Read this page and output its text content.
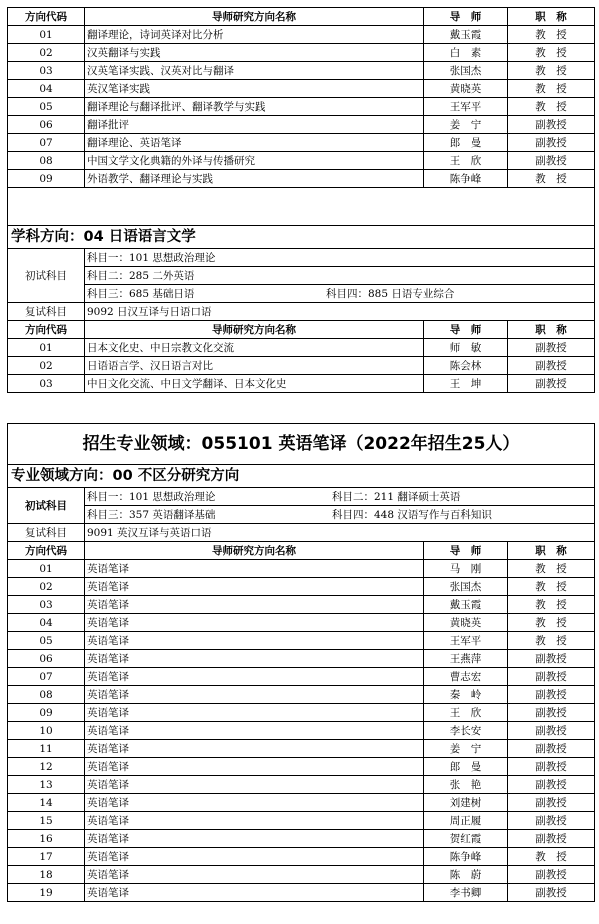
方向代码	导师研究方向名称	导　师	职　称
01	翻译理论，诗词英译对比分析	戴玉霞	教　授
02	汉英翻译与实践	白　素	教　授
03	汉英笔译实践、汉英对比与翻译	张国杰	教　授
04	英汉笔译实践	黄晓英	教　授
05	翻译理论与翻译批评、翻译教学与实践	王军平	教　授
06	翻译批评	姜　宁	副教授
07	翻译理论、英语笔译	郎　曼	副教授
08	中国文学文化典籍的外译与传播研究	王　欣	副教授
09	外语教学、翻译理论与实践	陈争峰	教　授

学科方向：04 日语语言文学			
初试科目	科目一：101 思想政治理论		
	科目二：285 二外英语		
	科目三：685 基础日语 科目四：885 日语专业综合		

复试科目	9092 日汉互译与日语口语		
方向代码	导师研究方向名称	导　师	职　称
01	日本文化史、中日宗教文化交流	师　敏	副教授
02	日语语言学、汉日语言对比	陈会林	副教授
03	中日文化交流、中日文学翻译、日本文化史	王　坤	副教授
招生专业领域：055101 英语笔译（2022年招生25人）			
专业领域方向：00 不区分研究方向			
初试科目	科目一：101 思想政治理论 科目二：211 翻译硕士英语		

	科目三：357 英语翻译基础 科目四：448 汉语写作与百科知识		

复试科目	9091 英汉互译与英语口语		
方向代码	导师研究方向名称	导　师	职　称
01	英语笔译	马　刚	教　授
02	英语笔译	张国杰	教　授
03	英语笔译	戴玉霞	教　授
04	英语笔译	黄晓英	教　授
05	英语笔译	王军平	教　授
06	英语笔译	王燕萍	副教授
07	英语笔译	曹志宏	副教授
08	英语笔译	秦　岭	副教授
09	英语笔译	王　欣	副教授
10	英语笔译	李长安	副教授
11	英语笔译	姜　宁	副教授
12	英语笔译	郎　曼	副教授
13	英语笔译	张　艳	副教授
14	英语笔译	刘建树	副教授
15	英语笔译	周正履	副教授
16	英语笔译	贺红霞	副教授
17	英语笔译	陈争峰	教　授
18	英语笔译	陈　蔚	副教授
19	英语笔译	李书卿	副教授
